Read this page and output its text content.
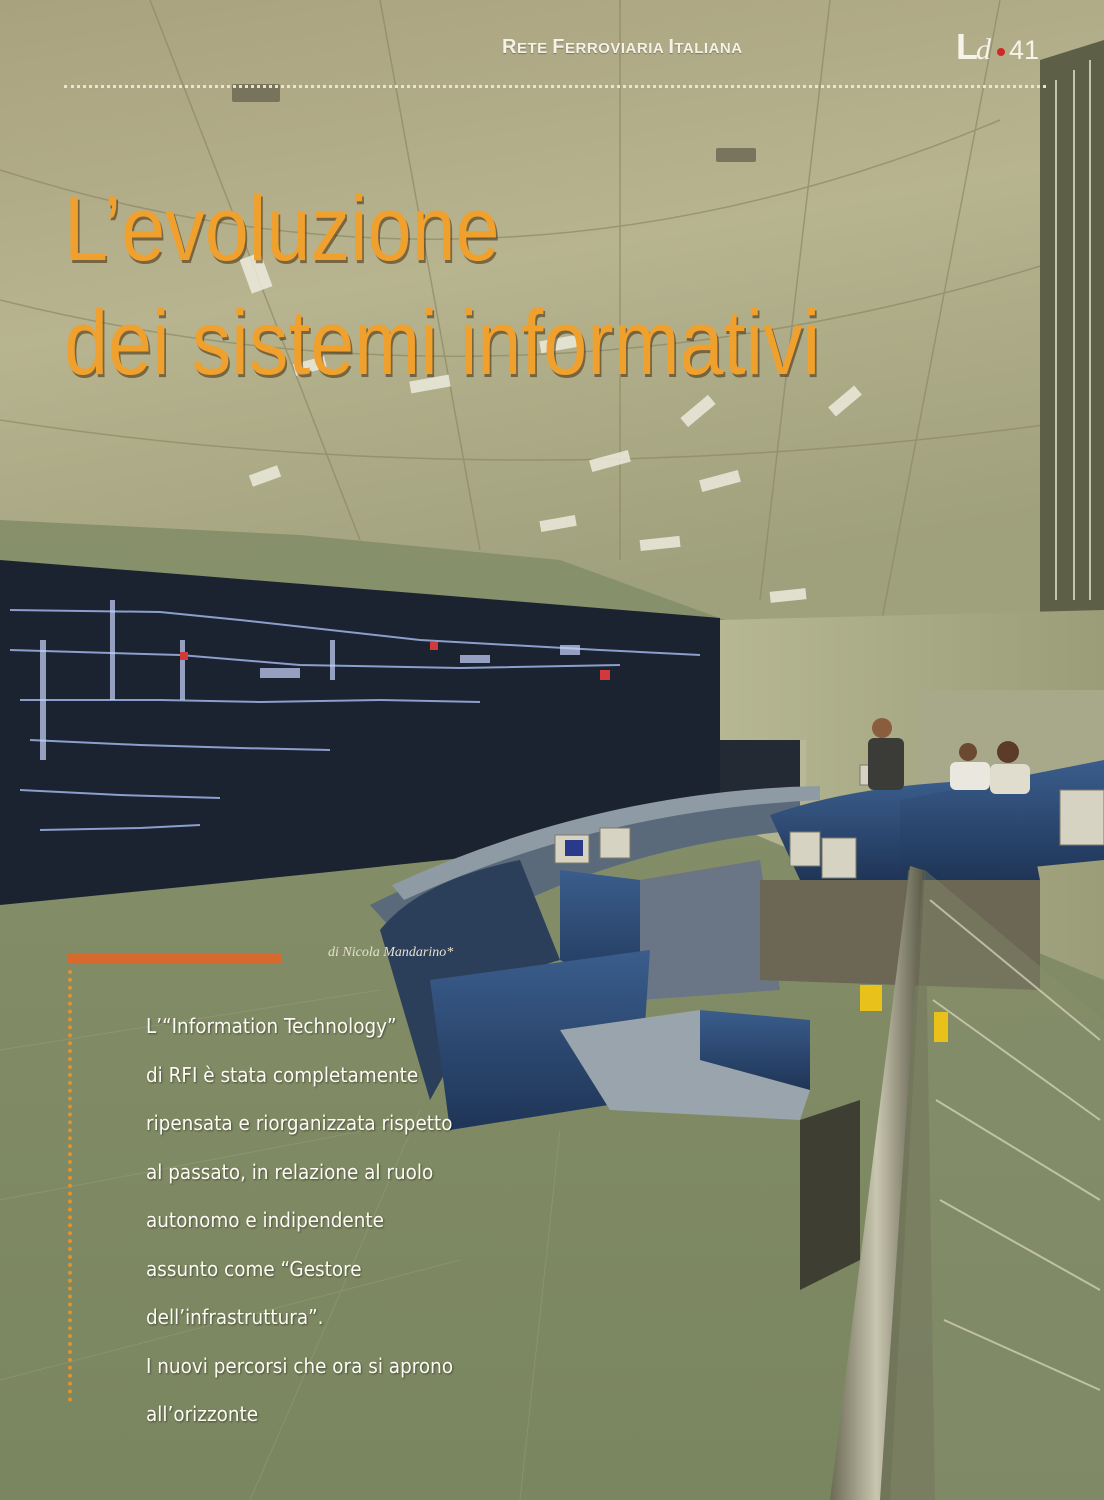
RETE FERROVIARIA ITALIANA	Ld 41
L’evoluzione
dei sistemi informativi
di Nicola Mandarino*
L’“Information Technology”
di RFI è stata completamente
ripensata e riorganizzata rispetto
al passato, in relazione al ruolo
autonomo e indipendente
assunto come “Gestore
dell’infrastruttura”.
I nuovi percorsi che ora si aprono
all’orizzonte
